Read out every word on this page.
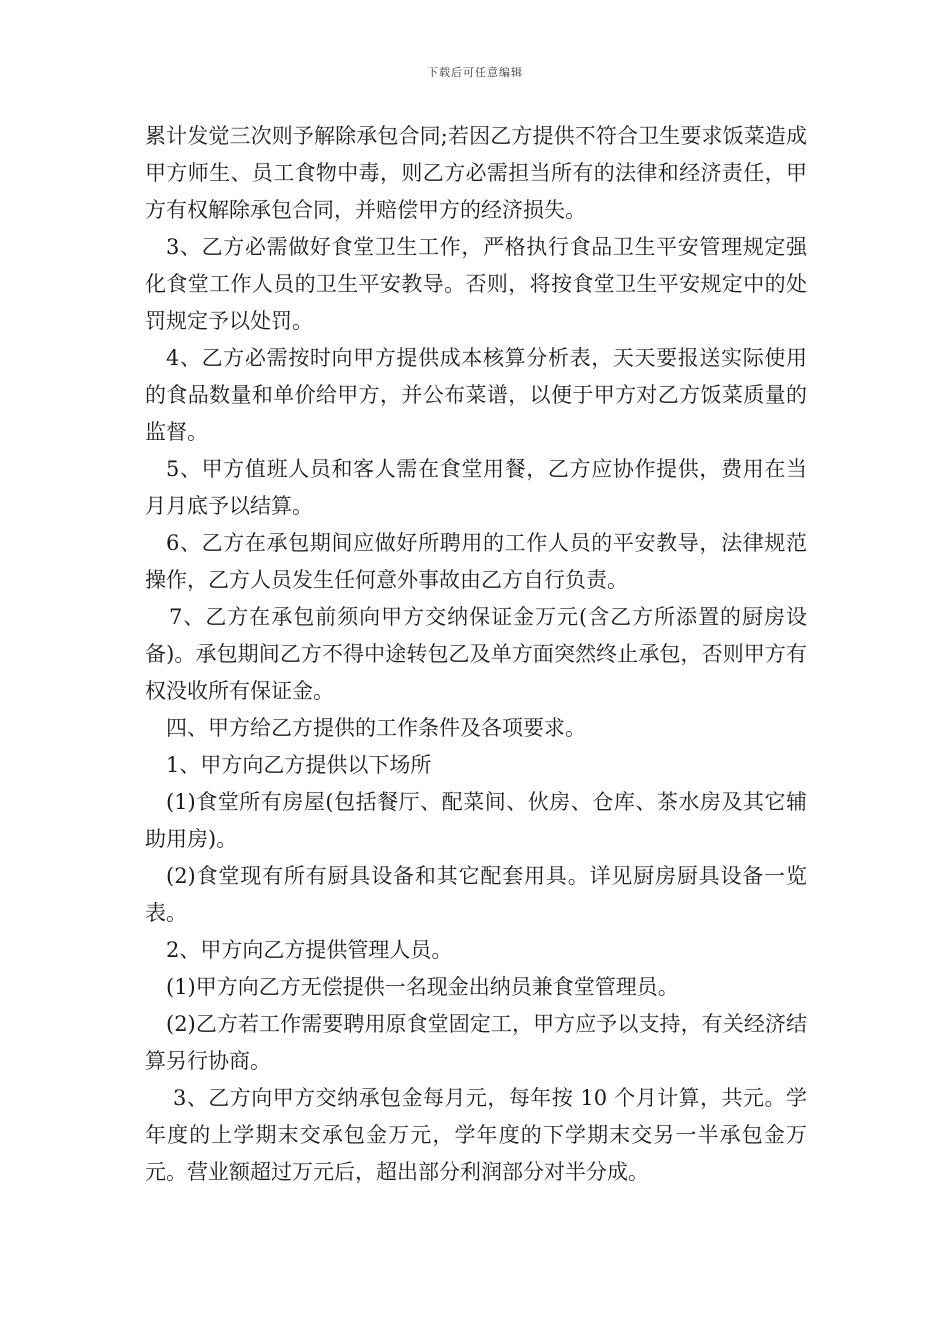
下载后可任意编辑

累计发觉三次则予解除承包合同;若因乙方提供不符合卫生要求饭菜造成甲方师生、员工食物中毒，则乙方必需担当所有的法律和经济责任，甲方有权解除承包合同，并赔偿甲方的经济损失。

3、乙方必需做好食堂卫生工作，严格执行食品卫生平安管理规定强化食堂工作人员的卫生平安教导。否则，将按食堂卫生平安规定中的处罚规定予以处罚。

4、乙方必需按时向甲方提供成本核算分析表，天天要报送实际使用的食品数量和单价给甲方，并公布菜谱，以便于甲方对乙方饭菜质量的监督。

5、甲方值班人员和客人需在食堂用餐，乙方应协作提供，费用在当月月底予以结算。

6、乙方在承包期间应做好所聘用的工作人员的平安教导，法律规范操作，乙方人员发生任何意外事故由乙方自行负责。

7、乙方在承包前须向甲方交纳保证金万元(含乙方所添置的厨房设备)。承包期间乙方不得中途转包乙及单方面突然终止承包，否则甲方有权没收所有保证金。

四、甲方给乙方提供的工作条件及各项要求。

1、甲方向乙方提供以下场所

(1)食堂所有房屋(包括餐厅、配菜间、伙房、仓库、茶水房及其它辅助用房)。

(2)食堂现有所有厨具设备和其它配套用具。详见厨房厨具设备一览表。

2、甲方向乙方提供管理人员。

(1)甲方向乙方无偿提供一名现金出纳员兼食堂管理员。

(2)乙方若工作需要聘用原食堂固定工，甲方应予以支持，有关经济结算另行协商。

3、乙方向甲方交纳承包金每月元，每年按 10 个月计算，共元。学年度的上学期末交承包金万元，学年度的下学期末交另一半承包金万元。营业额超过万元后，超出部分利润部分对半分成。
